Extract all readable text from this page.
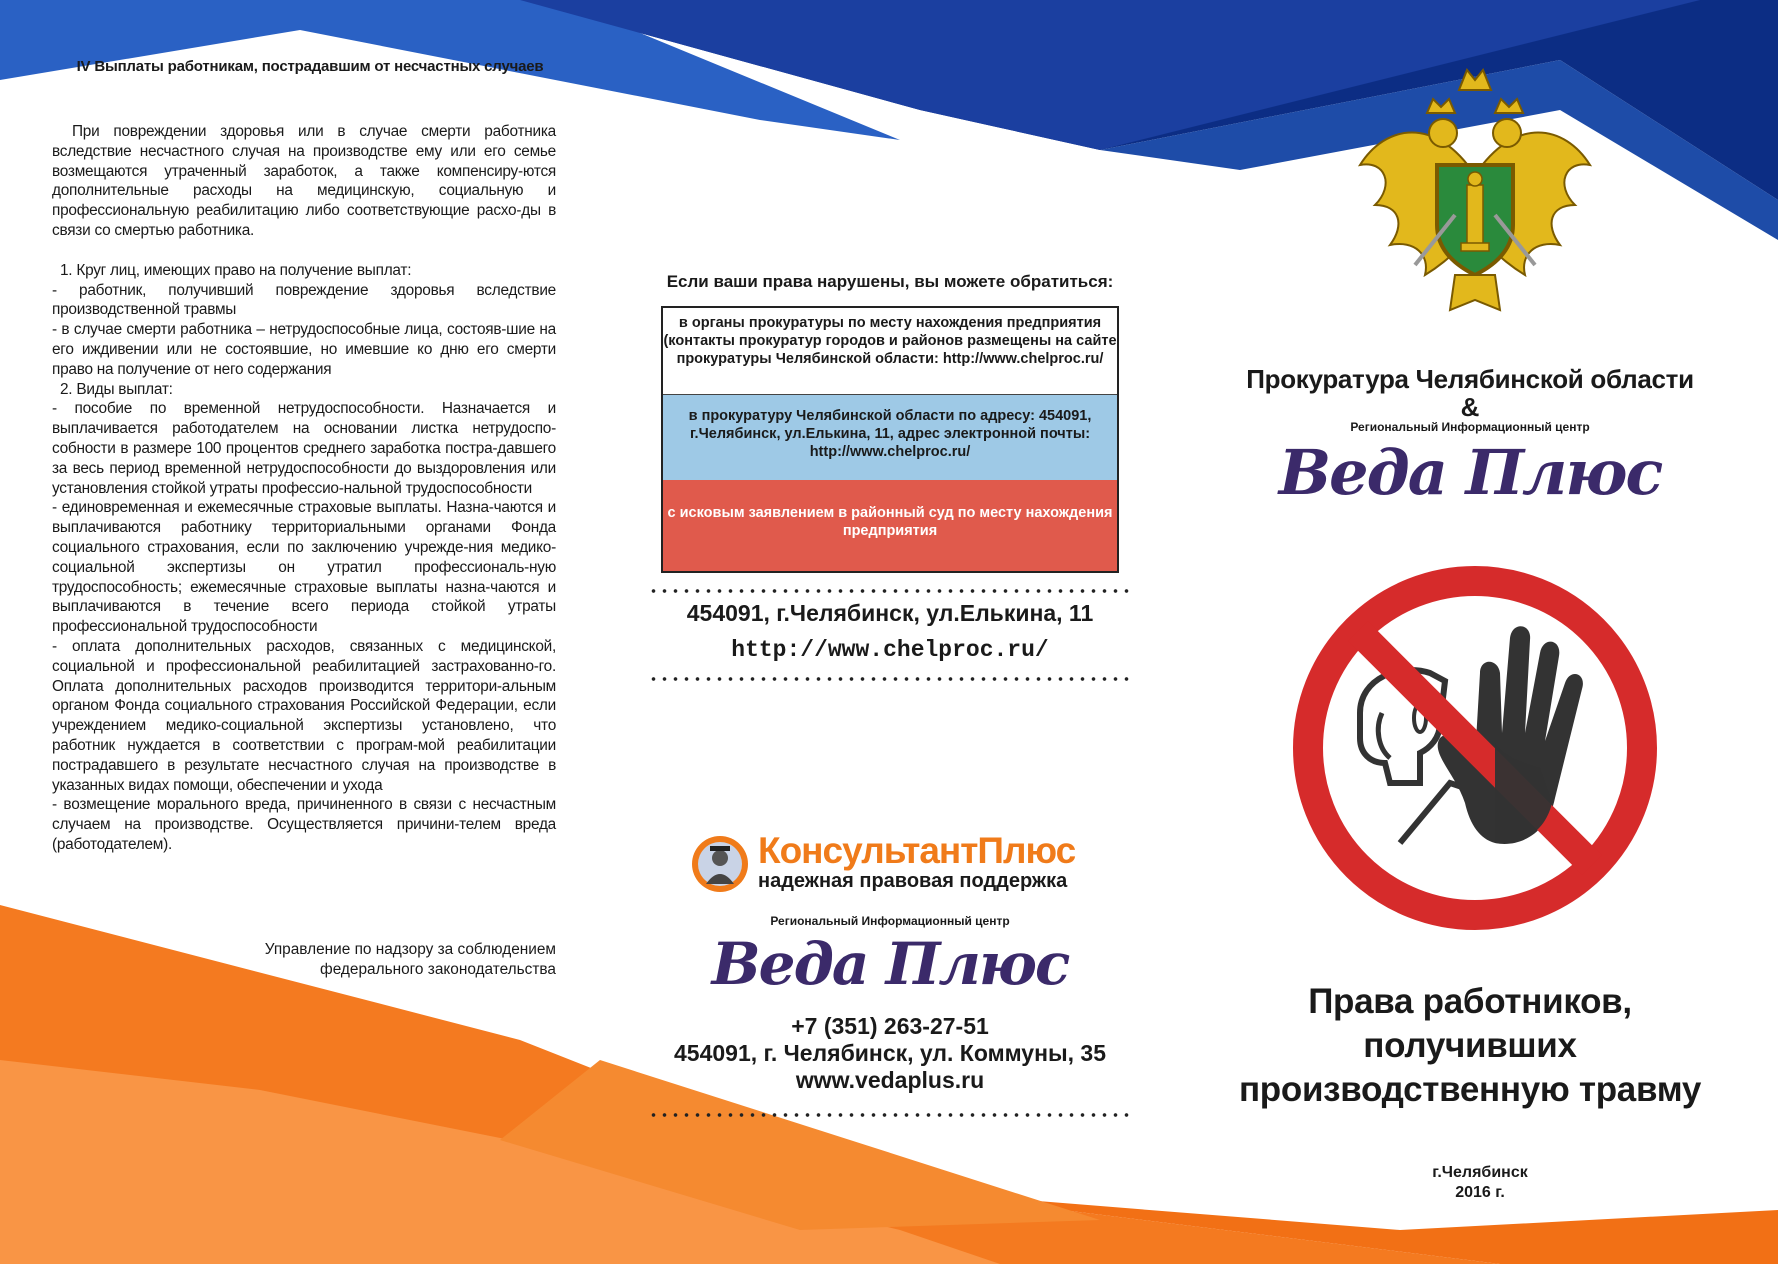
IV Выплаты работникам, пострадавшим от несчастных случаев

При повреждении здоровья или в случае смерти работника вследствие несчастного случая на производстве ему или его семье возмещаются утраченный заработок, а также компенсиру-ются дополнительные расходы на медицинскую, социальную и профессиональную реабилитацию либо соответствующие расхо-ды в связи со смертью работника.

1. Круг лиц, имеющих право на получение выплат:

- работник, получивший повреждение здоровья вследствие производственной травмы

- в случае смерти работника – нетрудоспособные лица, состояв-шие на его иждивении или не состоявшие, но имевшие ко дню его смерти право на получение от него содержания

2. Виды выплат:

- пособие по временной нетрудоспособности. Назначается и выплачивается работодателем на основании листка нетрудоспо-собности в размере 100 процентов среднего заработка постра-давшего за весь период временной нетрудоспособности до выздоровления или установления стойкой утраты профессио-нальной трудоспособности

- единовременная и ежемесячные страховые выплаты. Назна-чаются и выплачиваются работнику территориальными органами Фонда социального страхования, если по заключению учрежде-ния медико-социальной экспертизы он утратил профессиональ-ную трудоспособность; ежемесячные страховые выплаты назна-чаются и выплачиваются в течение всего периода стойкой утраты профессиональной трудоспособности

- оплата дополнительных расходов, связанных с медицинской, социальной и профессиональной реабилитацией застрахованно-го. Оплата дополнительных расходов производится территори-альным органом Фонда социального страхования Российской Федерации, если учреждением медико-социальной экспертизы установлено, что работник нуждается в соответствии с програм-мой реабилитации пострадавшего в результате несчастного случая на производстве в указанных видах помощи, обеспечении и ухода

- возмещение морального вреда, причиненного в связи с несчастным случаем на производстве. Осуществляется причини-телем вреда (работодателем).

Управление по надзору за соблюдением
федерального законодательства
Если ваши права нарушены, вы можете обратиться:
в органы прокуратуры по месту нахождения предприятия (контакты прокуратур городов и районов размещены на сайте прокуратуры Челябинской области: http://www.chelproc.ru/
в прокуратуру Челябинской области по адресу: 454091, г.Челябинск, ул.Елькина, 11, адрес электронной почты: http://www.chelproc.ru/
с исковым заявлением в районный суд по месту нахождения предприятия
454091, г.Челябинск, ул.Елькина, 11
http://www.chelproc.ru/
КонсультантПлюс
надежная правовая поддержка
Региональный Информационный центр
Веда Плюс
+7 (351) 263-27-51
454091, г. Челябинск, ул. Коммуны, 35
www.vedaplus.ru
Прокуратура Челябинской области
&
Региональный Информационный центр
Веда Плюс
Права работников,
получивших
производственную травму
г.Челябинск
2016 г.
